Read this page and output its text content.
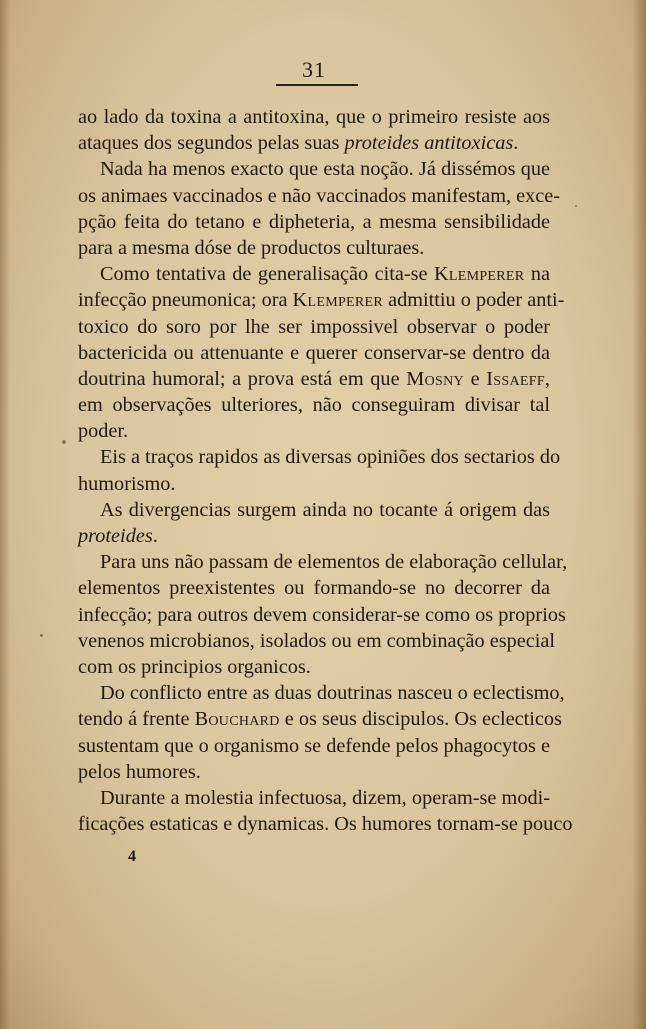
31
ao lado da toxina a antitoxina, que o primeiro resiste aos
ataques dos segundos pelas suas proteides antitoxicas.
Nada ha menos exacto que esta noção. Já dissémos que
os animaes vaccinados e não vaccinados manifestam, exce-
pção feita do tetano e dipheteria, a mesma sensibilidade
para a mesma dóse de productos culturaes.
Como tentativa de generalisação cita-se Klemperer na
infecção pneumonica; ora Klemperer admittiu o poder anti-
toxico do soro por lhe ser impossivel observar o poder
bactericida ou attenuante e querer conservar-se dentro da
doutrina humoral; a prova está em que Mosny e Issaeff,
em observações ulteriores, não conseguiram divisar tal
poder.
Eis a traços rapidos as diversas opiniões dos sectarios do
humorismo.
As divergencias surgem ainda no tocante á origem das
proteides.
Para uns não passam de elementos de elaboração cellular,
elementos preexistentes ou formando-se no decorrer da
infecção; para outros devem considerar-se como os proprios
venenos microbianos, isolados ou em combinação especial
com os principios organicos.
Do conflicto entre as duas doutrinas nasceu o eclectismo,
tendo á frente Bouchard e os seus discipulos. Os eclecticos
sustentam que o organismo se defende pelos phagocytos e
pelos humores.
Durante a molestia infectuosa, dizem, operam-se modi-
ficações estaticas e dynamicas. Os humores tornam-se pouco
4
